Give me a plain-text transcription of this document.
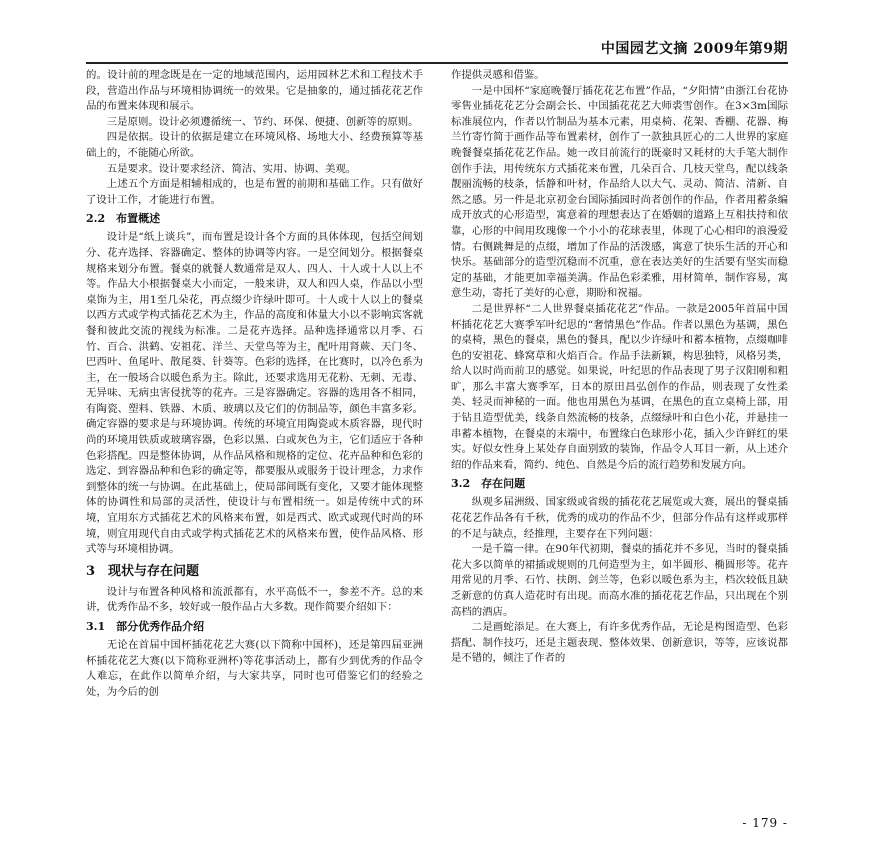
中国园艺文摘 2009年第9期

的。设计前的理念既是在一定的地域范围内，运用园林艺术和工程技术手段，营造出作品与环境相协调统一的效果。它是抽象的，通过插花花艺作品的布置来体现和展示。

三是原则。设计必须遵循统一、节约、环保、便捷、创新等的原则。

四是依据。设计的依据是建立在环境风格、场地大小、经费预算等基础上的，不能随心所欲。

五是要求。设计要求经济、简洁、实用、协调、美观。

上述五个方面是相辅相成的，也是布置的前期和基础工作。只有做好了设计工作，才能进行布置。

2.2　布置概述

设计是“纸上谈兵”，而布置是设计各个方面的具体体现，包括空间划分、花卉选择、容器确定、整体的协调等内容。一是空间划分。根据餐桌规格来划分布置。餐桌的就餐人数通常是双人、四人、十人或十人以上不等。作品大小根据餐桌大小而定，一般来讲，双人和四人桌，作品以小型桌饰为主，用1至几朵花，再点缀少许绿叶即可。十人或十人以上的餐桌以西方式或学构式插花艺术为主，作品的高度和体量大小以不影响宾客就餐和彼此交流的视线为标准。二是花卉选择。品种选择通常以月季、石竹、百合、洪鹤、安祖花、洋兰、天堂鸟等为主，配叶用肾蕨、天门冬、巴西叶、鱼尾叶、散尾葵、针葵等。色彩的选择，在比赛时，以冷色系为主，在一般场合以暖色系为主。除此，还要求选用无花粉、无刺、无毒、无异味、无病虫害侵扰等的花卉。三是容器确定。容器的选用各不相同，有陶瓷、塑料、铁器、木质、玻璃以及它们的仿制品等，颜色丰富多彩。确定容器的要求是与环境协调。传统的环境宜用陶瓷或木质容器，现代时尚的环境用铁质或玻璃容器，色彩以黑、白或灰色为主，它们适应于各种色彩搭配。四是整体协调，从作品风格和规格的定位、花卉品种和色彩的选定、到容器品种和色彩的确定等，都要服从或服务于设计理念，力求作到整体的统一与协调。在此基础上，使局部间既有变化，又要才能体现整体的协调性和局部的灵活性，使设计与布置相统一。如是传统中式的环境，宜用东方式插花艺术的风格来布置，如是西式、欧式或现代时尚的环境，则宜用现代自由式或学构式插花艺术的风格来布置，使作品风格、形式等与环境相协调。

3　现状与存在问题

设计与布置各种风格和流派都有，水平高低不一，参差不齐。总的来讲，优秀作品不多，较好或一般作品占大多数。现作简要介绍如下：

3.1　部分优秀作品介绍

无论在首届中国杯插花花艺大赛(以下简称中国杯)，还是第四届亚洲杯插花花艺大赛(以下简称亚洲杯)等花事活动上，都有少到优秀的作品令人难忘，在此作以简单介绍，与大家共享，同时也可借鉴它们的经验之处，为今后的创

作提供灵感和借鉴。

一是中国杯“家庭晚餐厅插花花艺布置”作品，“夕阳情”由浙江台花协零售业插花花艺分会副会长、中国插花花艺大师裘雪创作。在3×3m国际标准展位内，作者以竹制品为基本元素，用桌椅、花架、香棚、花器、梅兰竹寄竹简于画作品等布置素材，创作了一款独具匠心的二人世界的家庭晚餐餐桌插花花艺作品。她一改目前流行的既豪时又耗材的大手笔大制作创作手法，用传统东方式插花来布置，几朵百合、几枝天堂鸟，配以线条靓丽流畅的枝条，恬静和叶材，作品给人以大气、灵动、简洁、清新、自然之感。另一件是北京初金台国际插园时尚者创作的作品，作者用蓄条编成开放式的心形造型，寓意着的理想表达了在婚姻的道路上互相扶持和依靠，心形的中间用玫瑰像一个小小的花球表里，体现了心心相印的浪漫爱情。右侧跳舞是的点缀，增加了作品的活泼感，寓意了快乐生活的开心和快乐。基础部分的造型沉稳而不沉重，意在表达美好的生活要有坚实而稳定的基础，才能更加幸福美满。作品色彩柔雅，用材简单，制作容易，寓意生动，寄托了美好的心意，期盼和祝福。

二是世界杯“二人世界餐桌插花花艺”作品。一款是2005年首届中国杯插花花艺大赛季军叶纪思的“奢情黑色”作品。作者以黑色为基调，黑色的桌椅，黑色的餐桌，黑色的餐具，配以少许绿叶和蓄本植物，点缀咖啡色的安祖花、蜂窝草和火焰百合。作品手法新颖，构思独特，风格另类，给人以时尚而前卫的感觉。如果说，叶纪思的作品表现了男子汉阳刚和粗旷，那么丰富大赛季军，日本的原田昌弘创作的作品，则表现了女性柔美、轻灵而神秘的一面。他也用黑色为基调，在黑色的直立桌椅上部，用于钻且造型优美，线条自然流畅的枝条，点缀绿叶和白色小花，并悬挂一串蓄本植物，在餐桌的末端中，布置缘白色球形小花，插入少许鲜红的果实。好似女性身上某处存自面别致的装饰，作品令人耳目一新，从上述介绍的作品来看，简约、纯色、自然是今后的流行趋势和发展方向。

3.2　存在问题

纵观多届洲级、国家级或省级的插花花艺展览或大赛，展出的餐桌插花花艺作品各有千秋，优秀的成功的作品不少，但部分作品有这样或那样的不足与缺点，经推理，主要存在下列问题：

一是千篇一律。在90年代初期，餐桌的插花并不多见，当时的餐桌插花大多以简单的裙插或规则的几何造型为主，如半圆形、椭圆形等。花卉用常见的月季、石竹、扶朗、剑兰等，色彩以暖色系为主，档次较低且缺乏新意的仿真人造花时有出现。而高水准的插花花艺作品，只出现在个别高档的酒店。

二是画蛇添足。在大赛上，有许多优秀作品，无论是构图造型、色彩搭配、制作技巧，还是主题表现、整体效果、创新意识，等等，应该说都是不错的，倾注了作者的

- 179 -
